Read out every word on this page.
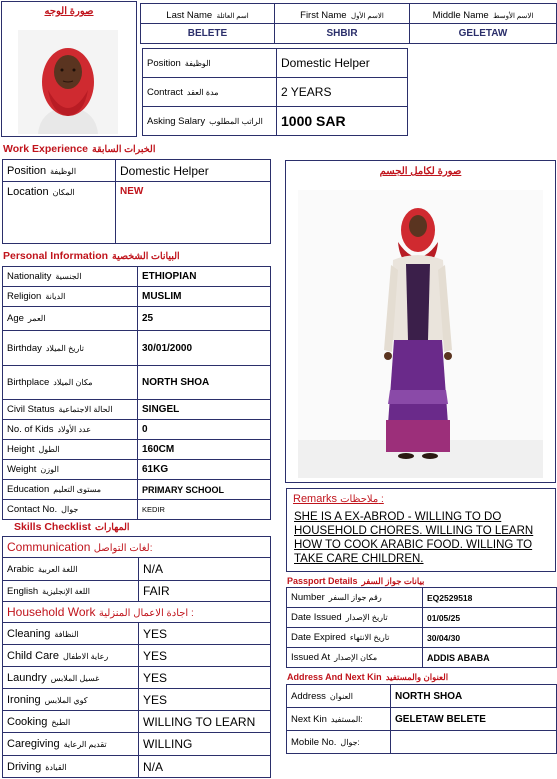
صورة الوجه	Last Name اسم العائلة	First Name الاسم الأول	Middle Name الاسم الأوسط
BELETE	SHBIR	GELETAW
Position الوظيفة	Domestic Helper
Contract مدة العقد	2 YEARS
Asking Salary الراتب المطلوب	1000 SAR
Work Experience الخبرات السابقة
Position الوظيفة	Domestic Helper
Location المكان	NEW
Personal Information البيانات الشخصية
Nationality الجنسية	ETHIOPIAN
Religion الديانة	MUSLIM
Age العمر	25
Birthday تاريخ الميلاد	30/01/2000
Birthplace مكان الميلاد	NORTH SHOA
Civil Status الحالة الاجتماعية	SINGEL
No. of Kids عدد الأولاد	0
Height الطول	160CM
Weight الوزن	61KG
Education مستوى التعليم	PRIMARY SCHOOL
Contact No. جوال	KEDIR
Skills Checklist المهارات
Communication لغات التواصل:	
Arabic اللغة العربية	N/A
English اللغة الإنجليزية	FAIR
Household Work اجادة الاعمال المنزلية :	
Cleaning النظافة	YES
Child Care رعاية الاطفال	YES
Laundry غسيل الملابس	YES
Ironing كوي الملابس	YES
Cooking الطبخ	WILLING TO LEARN
Caregiving تقديم الرعاية	WILLING
Driving القيادة	N/A
صورة لكامل الجسم
Remarks ملاحظات :
SHE IS A EX-ABROD - WILLING TO DO HOUSEHOLD CHORES. WILLING TO LEARN HOW TO COOK ARABIC FOOD. WILLING TO TAKE CARE CHILDREN.
Passport Details بيانات جواز السفر
Number رقم جواز السفر	EQ2529518
Date Issued تاريخ الإصدار	01/05/25
Date Expired تاريخ الانتهاء	30/04/30
Issued At مكان الإصدار	ADDIS ABABA
Address And Next Kin العنوان والمستفيد
Address العنوان	NORTH SHOA
Next Kin المستفيد:	GELETAW BELETE
Mobile No. جوال:	
